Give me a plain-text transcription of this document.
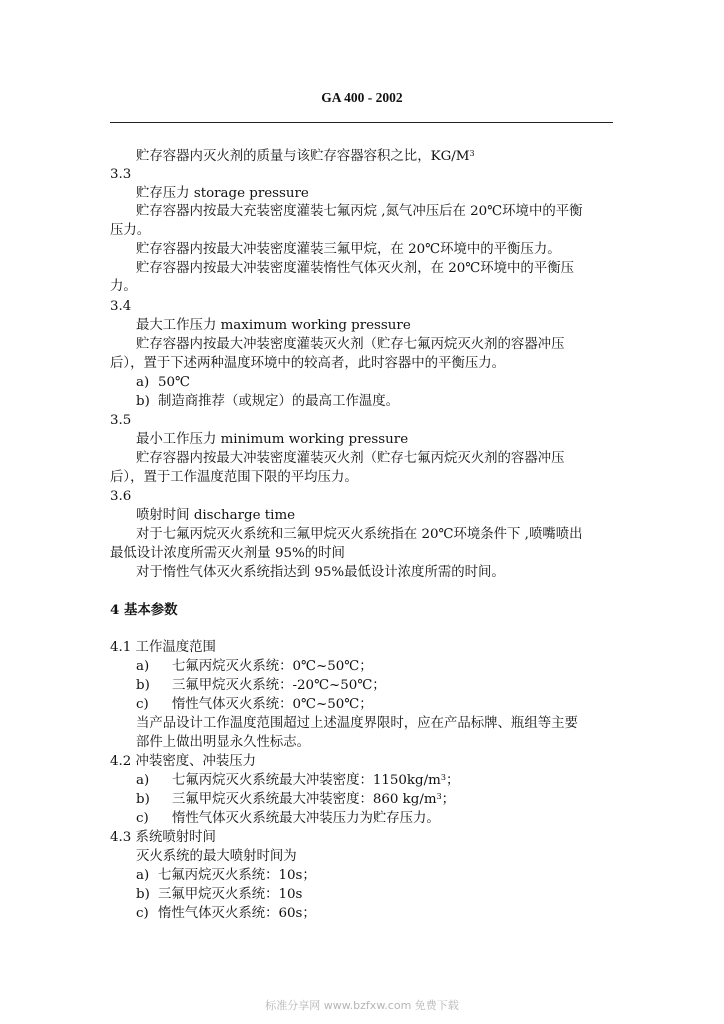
GA 400 - 2002
贮存容器内灭火剂的质量与该贮存容器容积之比，$KG/M^3$
3.3
贮存压力 storage pressure
贮存容器内按最大充装密度灌装七氟丙烷 ,氮气冲压后在 20℃环境中的平衡
压力。
贮存容器内按最大冲装密度灌装三氟甲烷，在 20℃环境中的平衡压力。
贮存容器内按最大冲装密度灌装惰性气体灭火剂，在 20℃环境中的平衡压
力。
3.4
最大工作压力 maximum working pressure
贮存容器内按最大冲装密度灌装灭火剂（贮存七氟丙烷灭火剂的容器冲压
后），置于下述两种温度环境中的较高者，此时容器中的平衡压力。
a) 50℃
b) 制造商推荐（或规定）的最高工作温度。
3.5
最小工作压力 minimum working pressure
贮存容器内按最大冲装密度灌装灭火剂（贮存七氟丙烷灭火剂的容器冲压
后），置于工作温度范围下限的平均压力。
3.6
喷射时间 discharge time
对于七氟丙烷灭火系统和三氟甲烷灭火系统指在 20℃环境条件下 ,喷嘴喷出
最低设计浓度所需灭火剂量 95%的时间
对于惰性气体灭火系统指达到 95%最低设计浓度所需的时间。
4 基本参数
4.1 工作温度范围
a) 七氟丙烷灭火系统：0℃~50℃；
b) 三氟甲烷灭火系统：-20℃~50℃；
c) 惰性气体灭火系统：0℃~50℃；
当产品设计工作温度范围超过上述温度界限时，应在产品标牌、瓶组等主要
部件上做出明显永久性标志。
4.2 冲装密度、冲装压力
a) 七氟丙烷灭火系统最大冲装密度：$1150kg/m^3$；
b) 三氟甲烷灭火系统最大冲装密度：860 $kg/m^3$；
c) 惰性气体灭火系统最大冲装压力为贮存压力。
4.3 系统喷射时间
灭火系统的最大喷射时间为
a) 七氟丙烷灭火系统：10s；
b) 三氟甲烷灭火系统：10s
c) 惰性气体灭火系统：60s；
标准分享网 www.bzfxw.com 免费下载
